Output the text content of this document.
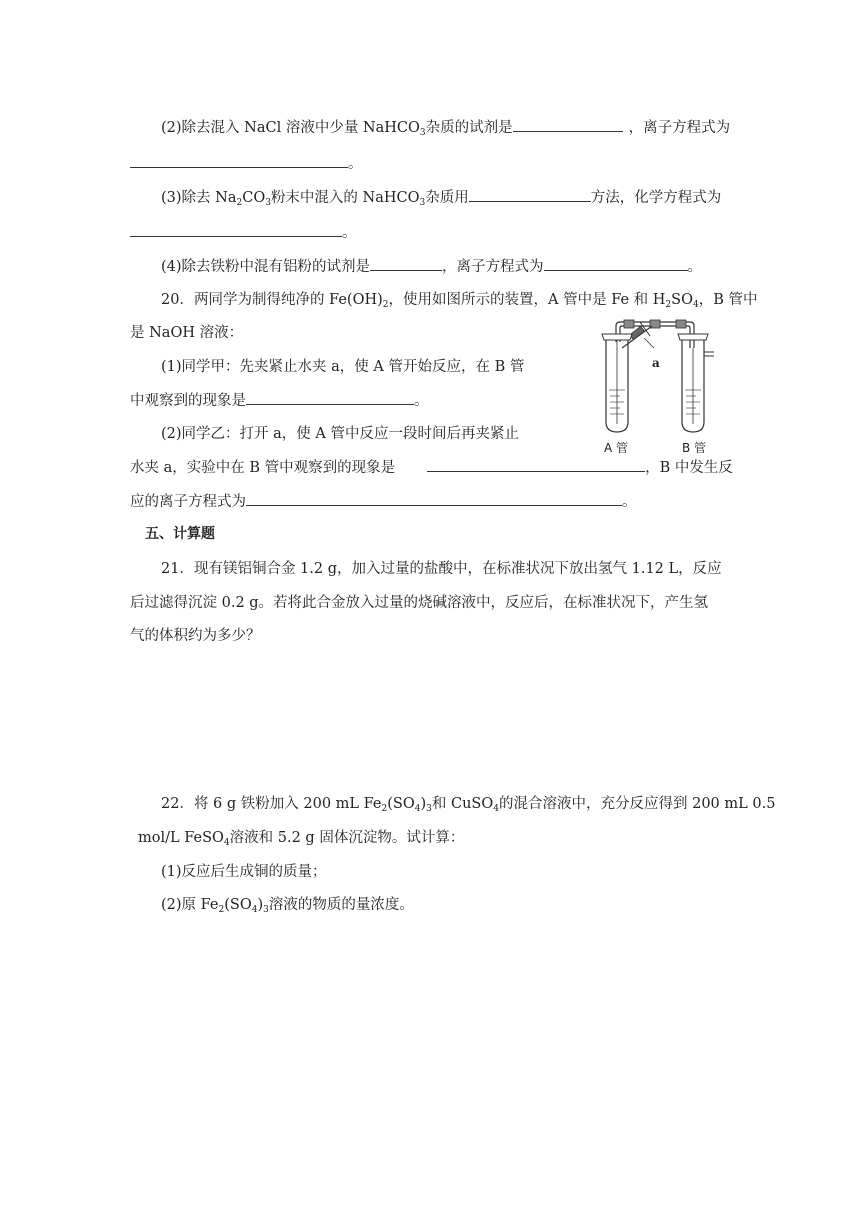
(2)除去混入 NaCl 溶液中少量 NaHCO$_3$杂质的试剂是	，离子方程式为
。
(3)除去 $Na_2CO_3$粉末中混入的 NaHCO$_3$杂质用	方法，化学方程式为
。
(4)除去铁粉中混有铝粉的试剂是	，离子方程式为	。
20．两同学为制得纯净的 $Fe(OH)_2$，使用如图所示的装置，A 管中是 Fe 和 $H_2SO_4$，B 管中
是 NaOH 溶液：
(1)同学甲：先夹紧止水夹 a，使 A 管开始反应，在 B 管
中观察到的现象是	。
(2)同学乙：打开 a，使 A 管中反应一段时间后再夹紧止
水夹 a，实验中在 B 管中观察到的现象是	，B 中发生反
应的离子方程式为	。
a
A 管	B 管
五、计算题
21．现有镁铝铜合金 1.2 g，加入过量的盐酸中，在标准状况下放出氢气 1.12 L，反应
后过滤得沉淀 0.2 g。若将此合金放入过量的烧碱溶液中，反应后，在标准状况下，产生氢
气的体积约为多少？
22．将 6 g 铁粉加入 200 mL $Fe_2(SO_4)_3$和 CuSO$_4$的混合溶液中，充分反应得到 200 mL 0.5
mol/L FeSO$_4$溶液和 5.2 g 固体沉淀物。试计算：
(1)反应后生成铜的质量；
(2)原 $Fe_2(SO_4)_3$溶液的物质的量浓度。
